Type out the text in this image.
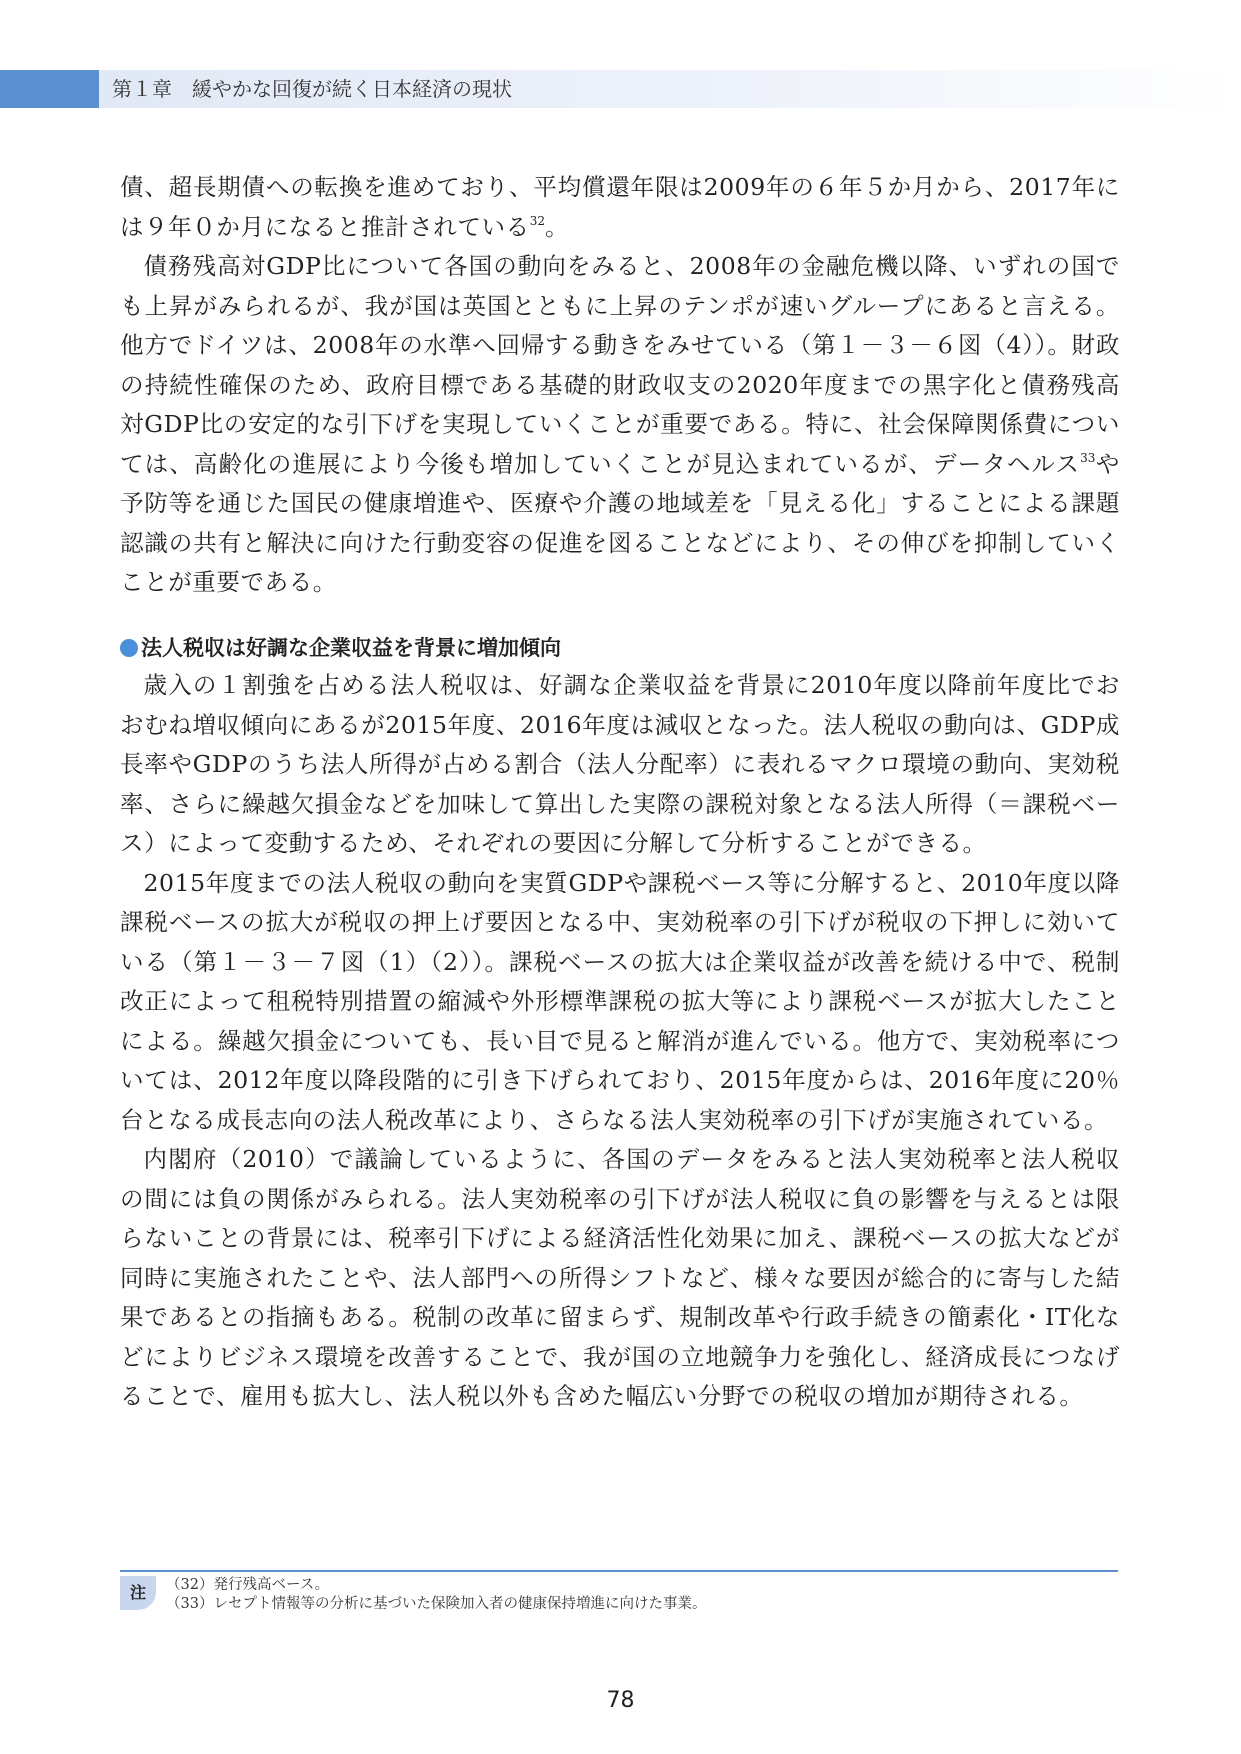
第１章　緩やかな回復が続く日本経済の現状

債、超長期債への転換を進めており、平均償還年限は2009年の６年５か月から、2017年には９年０か月になると推計されている$^{32}$。

債務残高対GDP比について各国の動向をみると、2008年の金融危機以降、いずれの国でも上昇がみられるが、我が国は英国とともに上昇のテンポが速いグループにあると言える。他方でドイツは、2008年の水準へ回帰する動きをみせている（第１－３－６図（4））。財政の持続性確保のため、政府目標である基礎的財政収支の2020年度までの黒字化と債務残高対GDP比の安定的な引下げを実現していくことが重要である。特に、社会保障関係費については、高齢化の進展により今後も増加していくことが見込まれているが、データヘルス$^{33}$や予防等を通じた国民の健康増進や、医療や介護の地域差を「見える化」することによる課題認識の共有と解決に向けた行動変容の促進を図ることなどにより、その伸びを抑制していくことが重要である。

法人税収は好調な企業収益を背景に増加傾向

歳入の１割強を占める法人税収は、好調な企業収益を背景に2010年度以降前年度比でおおむね増収傾向にあるが2015年度、2016年度は減収となった。法人税収の動向は、GDP成長率やGDPのうち法人所得が占める割合（法人分配率）に表れるマクロ環境の動向、実効税率、さらに繰越欠損金などを加味して算出した実際の課税対象となる法人所得（＝課税ベース）によって変動するため、それぞれの要因に分解して分析することができる。

2015年度までの法人税収の動向を実質GDPや課税ベース等に分解すると、2010年度以降課税ベースの拡大が税収の押上げ要因となる中、実効税率の引下げが税収の下押しに効いている（第１－３－７図（1）（2））。課税ベースの拡大は企業収益が改善を続ける中で、税制改正によって租税特別措置の縮減や外形標準課税の拡大等により課税ベースが拡大したことによる。繰越欠損金についても、長い目で見ると解消が進んでいる。他方で、実効税率については、2012年度以降段階的に引き下げられており、2015年度からは、2016年度に20％台となる成長志向の法人税改革により、さらなる法人実効税率の引下げが実施されている。

内閣府（2010）で議論しているように、各国のデータをみると法人実効税率と法人税収の間には負の関係がみられる。法人実効税率の引下げが法人税収に負の影響を与えるとは限らないことの背景には、税率引下げによる経済活性化効果に加え、課税ベースの拡大などが同時に実施されたことや、法人部門への所得シフトなど、様々な要因が総合的に寄与した結果であるとの指摘もある。税制の改革に留まらず、規制改革や行政手続きの簡素化・IT化などによりビジネス環境を改善することで、我が国の立地競争力を強化し、経済成長につなげることで、雇用も拡大し、法人税以外も含めた幅広い分野での税収の増加が期待される。

注	（32）発行残高ベース。
（33）レセプト情報等の分析に基づいた保険加入者の健康保持増進に向けた事業。
78
